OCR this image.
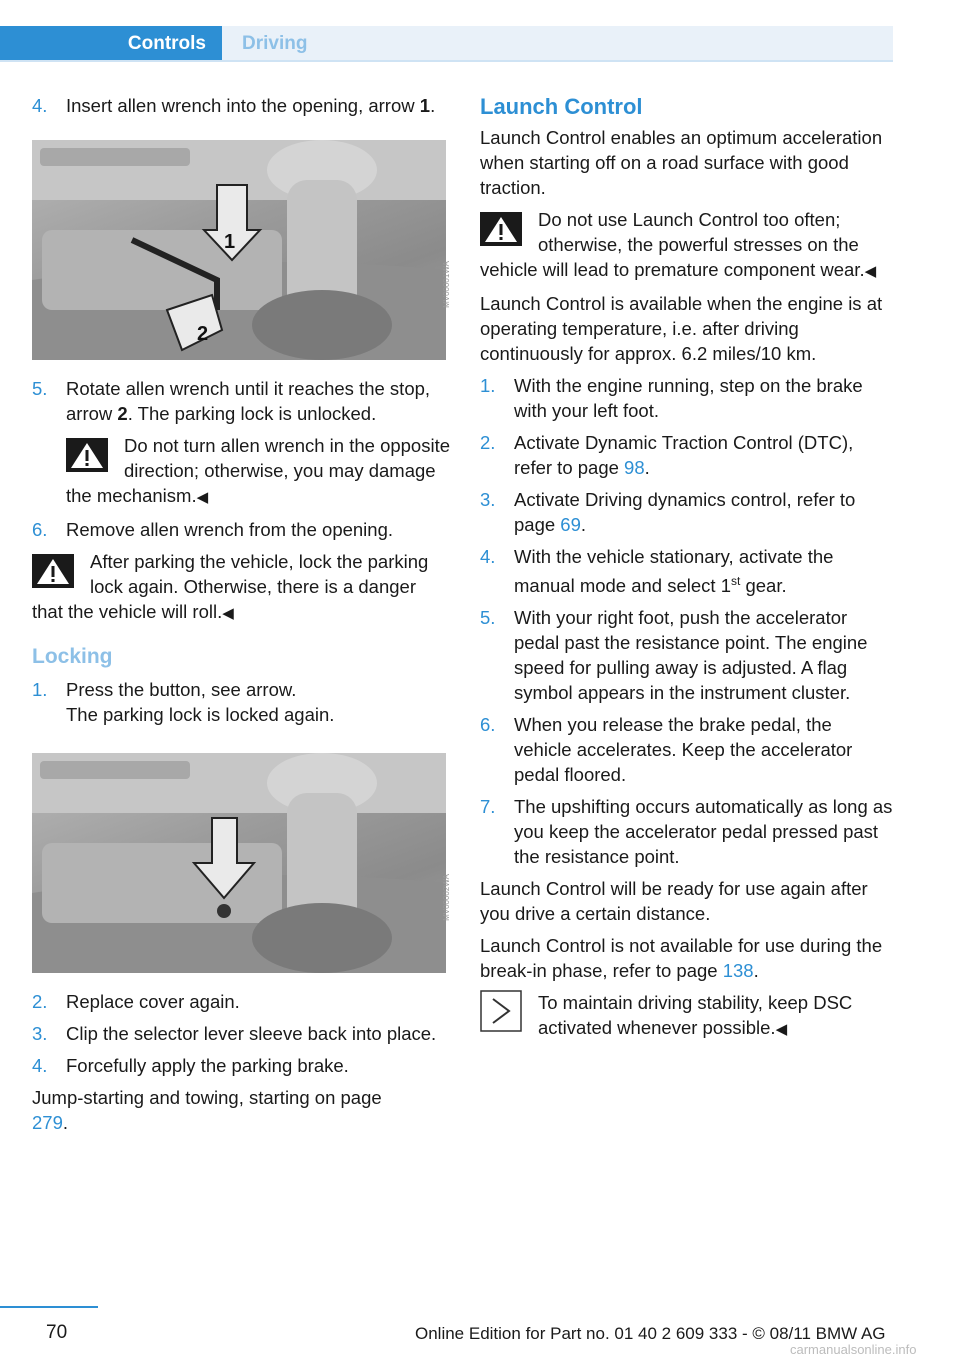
Controls	Driving
4. Insert allen wrench into the opening, arrow 1.
1
2
MV00001WA
5. Rotate allen wrench until it reaches the stop, arrow 2. The parking lock is unlocked.
Do not turn allen wrench in the opposite direction; otherwise, you may damage the mechanism.◀
6. Remove allen wrench from the opening.
After parking the vehicle, lock the parking lock again. Otherwise, there is a danger that the vehicle will roll.◀
Locking
1. Press the button, see arrow.
The parking lock is locked again.
MV00002WA
2. Replace cover again.
3. Clip the selector lever sleeve back into place.
4. Forcefully apply the parking brake.

Jump-starting and towing, starting on page 279.

Launch Control

Launch Control enables an optimum acceleration when starting off on a road surface with good traction.

Do not use Launch Control too often; otherwise, the powerful stresses on the vehicle will lead to premature component wear.◀

Launch Control is available when the engine is at operating temperature, i.e. after driving continuously for approx. 6.2 miles/10 km.

1. With the engine running, step on the brake with your left foot.
2. Activate Dynamic Traction Control (DTC), refer to page 98.
3. Activate Driving dynamics control, refer to page 69.
4. With the vehicle stationary, activate the manual mode and select 1st gear.
5. With your right foot, push the accelerator pedal past the resistance point. The engine speed for pulling away is adjusted. A flag symbol appears in the instrument cluster.
6. When you release the brake pedal, the vehicle accelerates. Keep the accelerator pedal floored.
7. The upshifting occurs automatically as long as you keep the accelerator pedal pressed past the resistance point.

Launch Control will be ready for use again after you drive a certain distance.

Launch Control is not available for use during the break-in phase, refer to page 138.

To maintain driving stability, keep DSC activated whenever possible.◀
70	Online Edition for Part no. 01 40 2 609 333 - © 08/11 BMW AG
carmanualsonline.info
